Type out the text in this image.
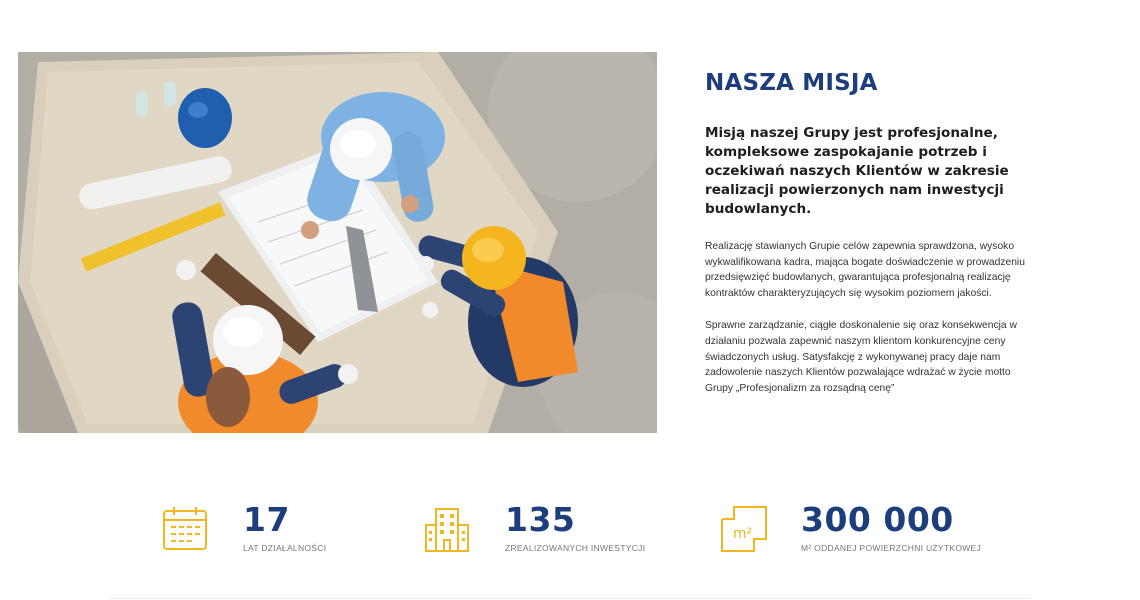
NASZA MISJA

Misją naszej Grupy jest profesjonalne, kompleksowe zaspokajanie potrzeb i oczekiwań naszych Klientów w zakresie realizacji powierzonych nam inwestycji budowlanych.

Realizację stawianych Grupie celów zapewnia sprawdzona, wysoko wykwalifikowana kadra, mająca bogate doświadczenie w prowadzeniu przedsięwzięć budowlanych, gwarantująca profesjonalną realizację kontraktów charakteryzujących się wysokim poziomem jakości.

Sprawne zarządzanie, ciągłe doskonalenie się oraz konsekwencja w działaniu pozwala zapewnić naszym klientom konkurencyjne ceny świadczonych usług. Satysfakcję z wykonywanej pracy daje nam zadowolenie naszych Klientów pozwalające wdrażać w życie motto Grupy „Profesjonalizm za rozsądną cenę”

17
LAT DZIAŁALNOŚCI
135
ZREALIZOWANYCH INWESTYCJI
m² 300 000
M² ODDANEJ POWIERZCHNI UŻYTKOWEJ
